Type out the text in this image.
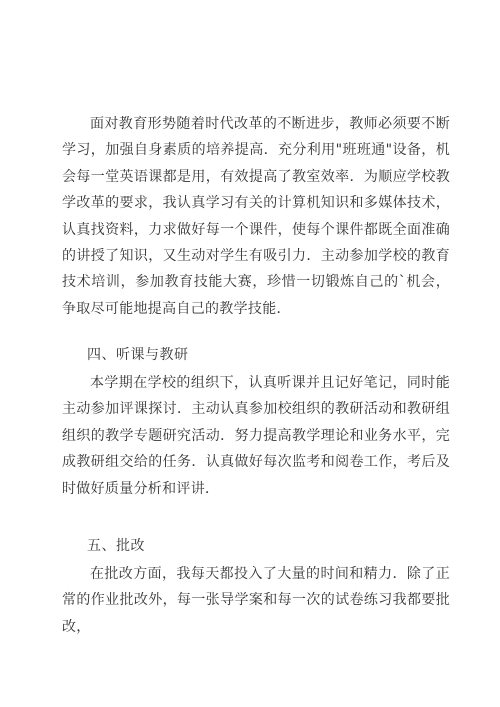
面对教育形势随着时代改革的不断进步，教师必须要不断学习，加强自身素质的培养提高．充分利用"班班通"设备，机会每一堂英语课都是用，有效提高了教室效率．为顺应学校教学改革的要求，我认真学习有关的计算机知识和多媒体技术，认真找资料，力求做好每一个课件，使每个课件都既全面准确的讲授了知识，又生动对学生有吸引力．主动参加学校的教育技术培训，参加教育技能大赛，珍惜一切锻炼自己的`机会，争取尽可能地提高自己的教学技能．

四、听课与教研

本学期在学校的组织下，认真听课并且记好笔记，同时能主动参加评课探讨．主动认真参加校组织的教研活动和教研组组织的教学专题研究活动．努力提高教学理论和业务水平，完成教研组交给的任务．认真做好每次监考和阅卷工作，考后及时做好质量分析和评讲．

五、批改

在批改方面，我每天都投入了大量的时间和精力．除了正常的作业批改外，每一张导学案和每一次的试卷练习我都要批改，
